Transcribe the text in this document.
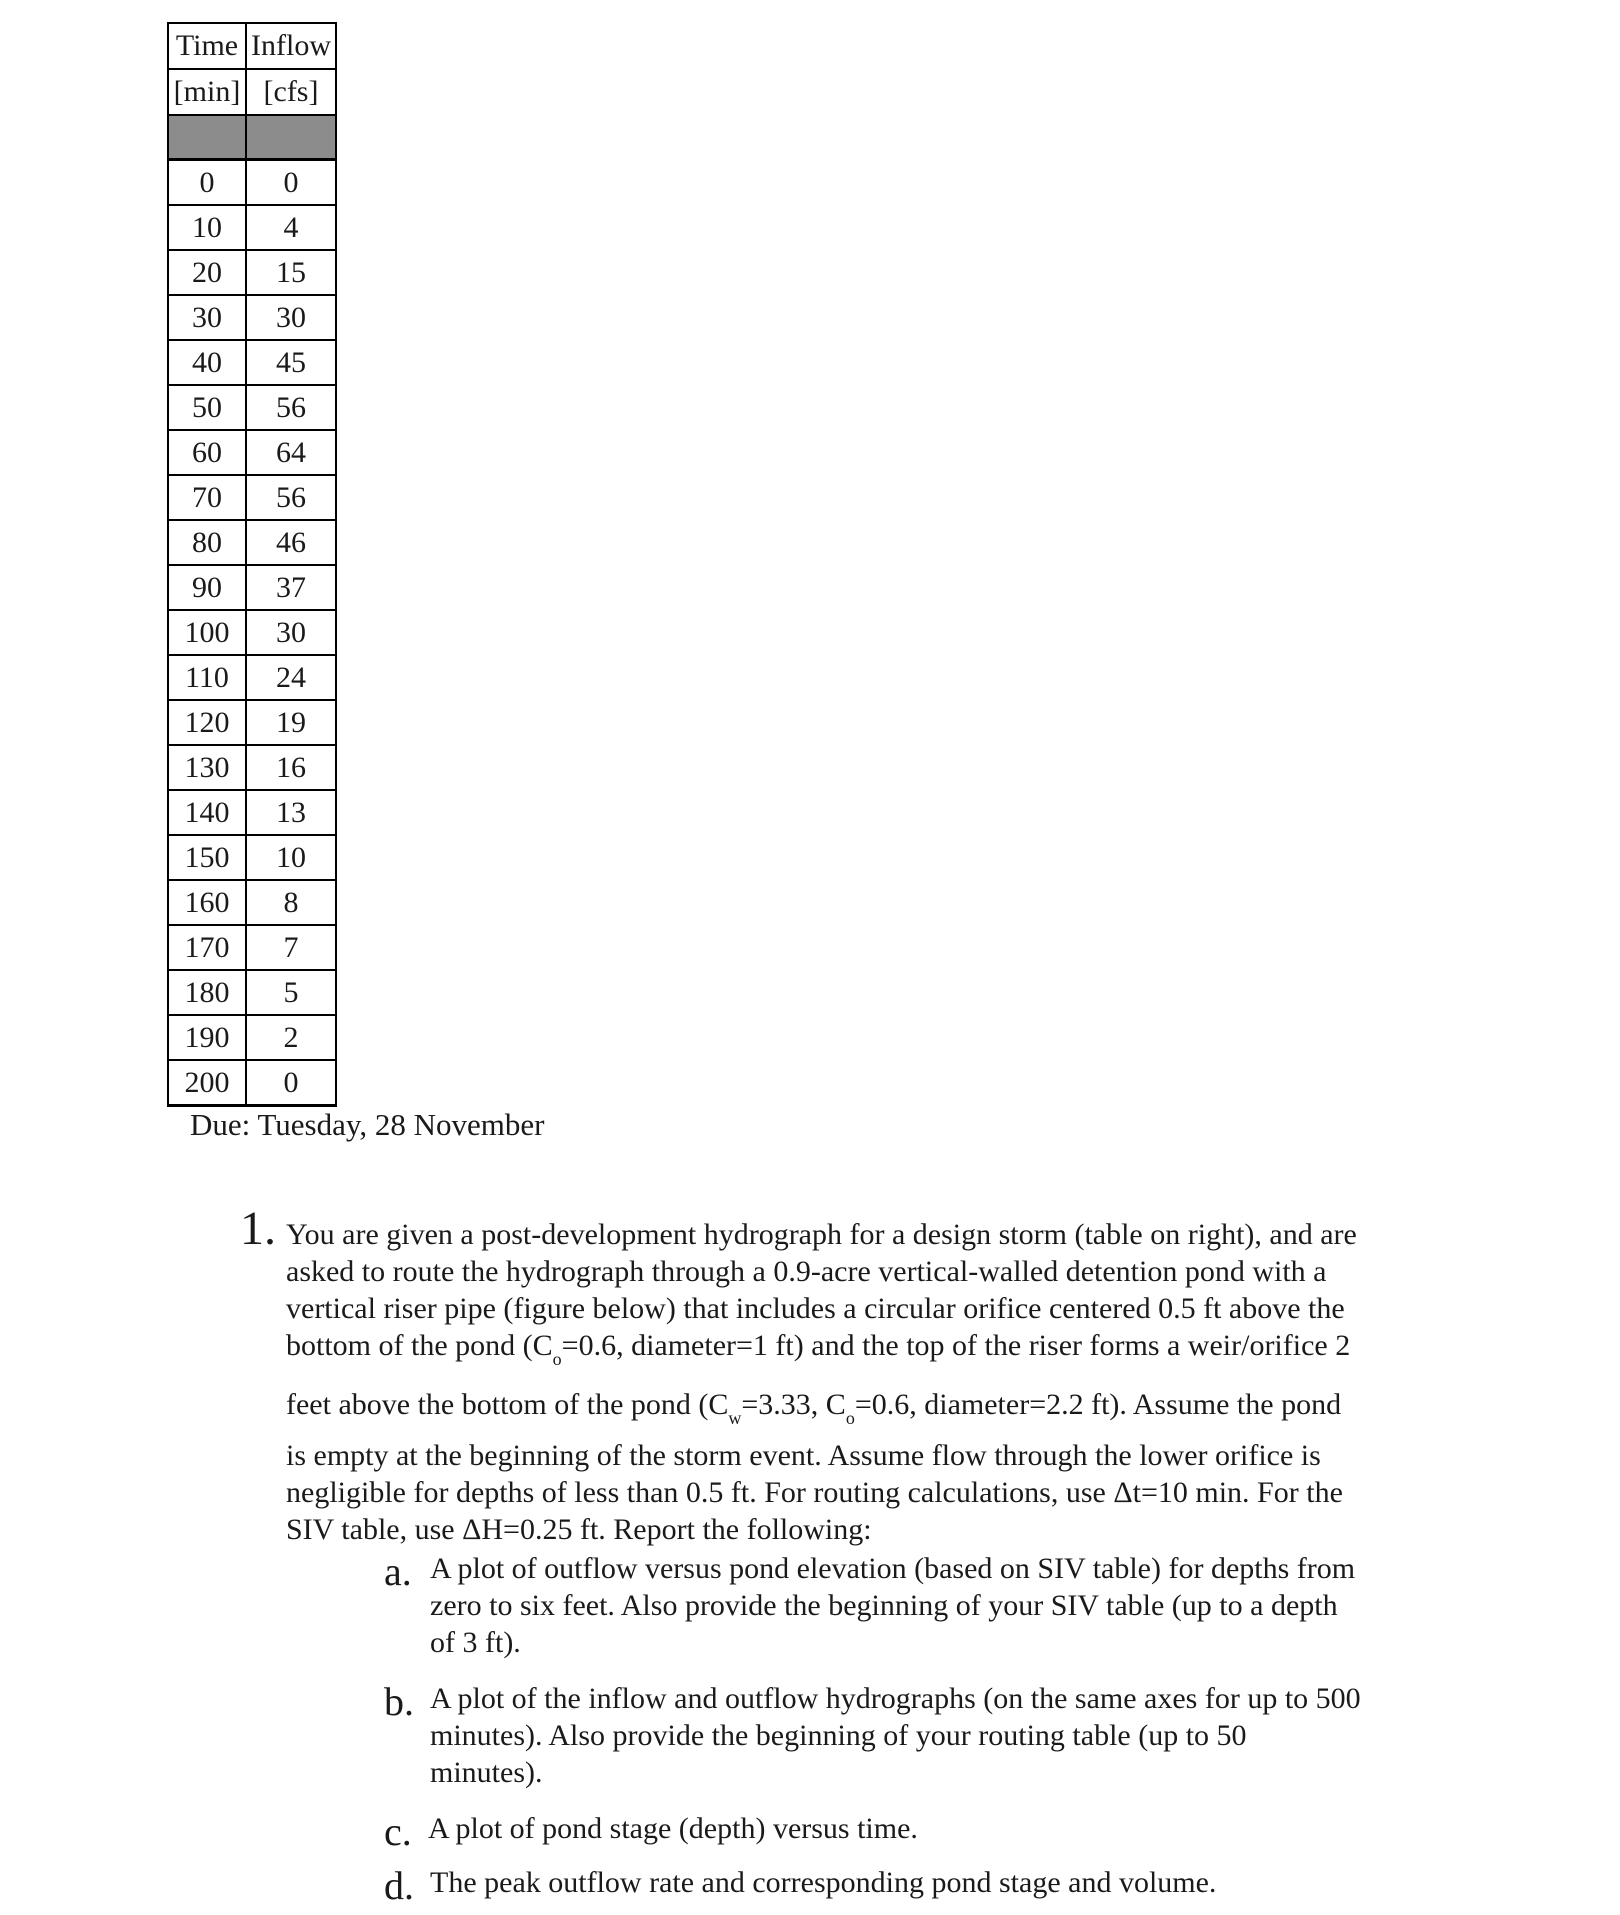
Time	Inflow
[min]	[cfs]

0	0
10	4
20	15
30	30
40	45
50	56
60	64
70	56
80	46
90	37
100	30
110	24
120	19
130	16
140	13
150	10
160	8
170	7
180	5
190	2
200	0
Due: Tuesday, 28 November
1. You are given a post-development hydrograph for a design storm (table on right), and are
asked to route the hydrograph through a 0.9-acre vertical-walled detention pond with a
vertical riser pipe (figure below) that includes a circular orifice centered 0.5 ft above the
bottom of the pond ($C_o=0.6$, diameter=1 ft) and the top of the riser forms a weir/orifice 2
feet above the bottom of the pond ($C_w=3.33$, $C_o=0.6$, diameter=2.2 ft). Assume the pond
is empty at the beginning of the storm event. Assume flow through the lower orifice is
negligible for depths of less than 0.5 ft. For routing calculations, use Δt=10 min. For the
SIV table, use ΔH=0.25 ft. Report the following:
a. A plot of outflow versus pond elevation (based on SIV table) for depths from
zero to six feet. Also provide the beginning of your SIV table (up to a depth
of 3 ft).
b. A plot of the inflow and outflow hydrographs (on the same axes for up to 500
minutes). Also provide the beginning of your routing table (up to 50
minutes).
c. A plot of pond stage (depth) versus time.
d. The peak outflow rate and corresponding pond stage and volume.
